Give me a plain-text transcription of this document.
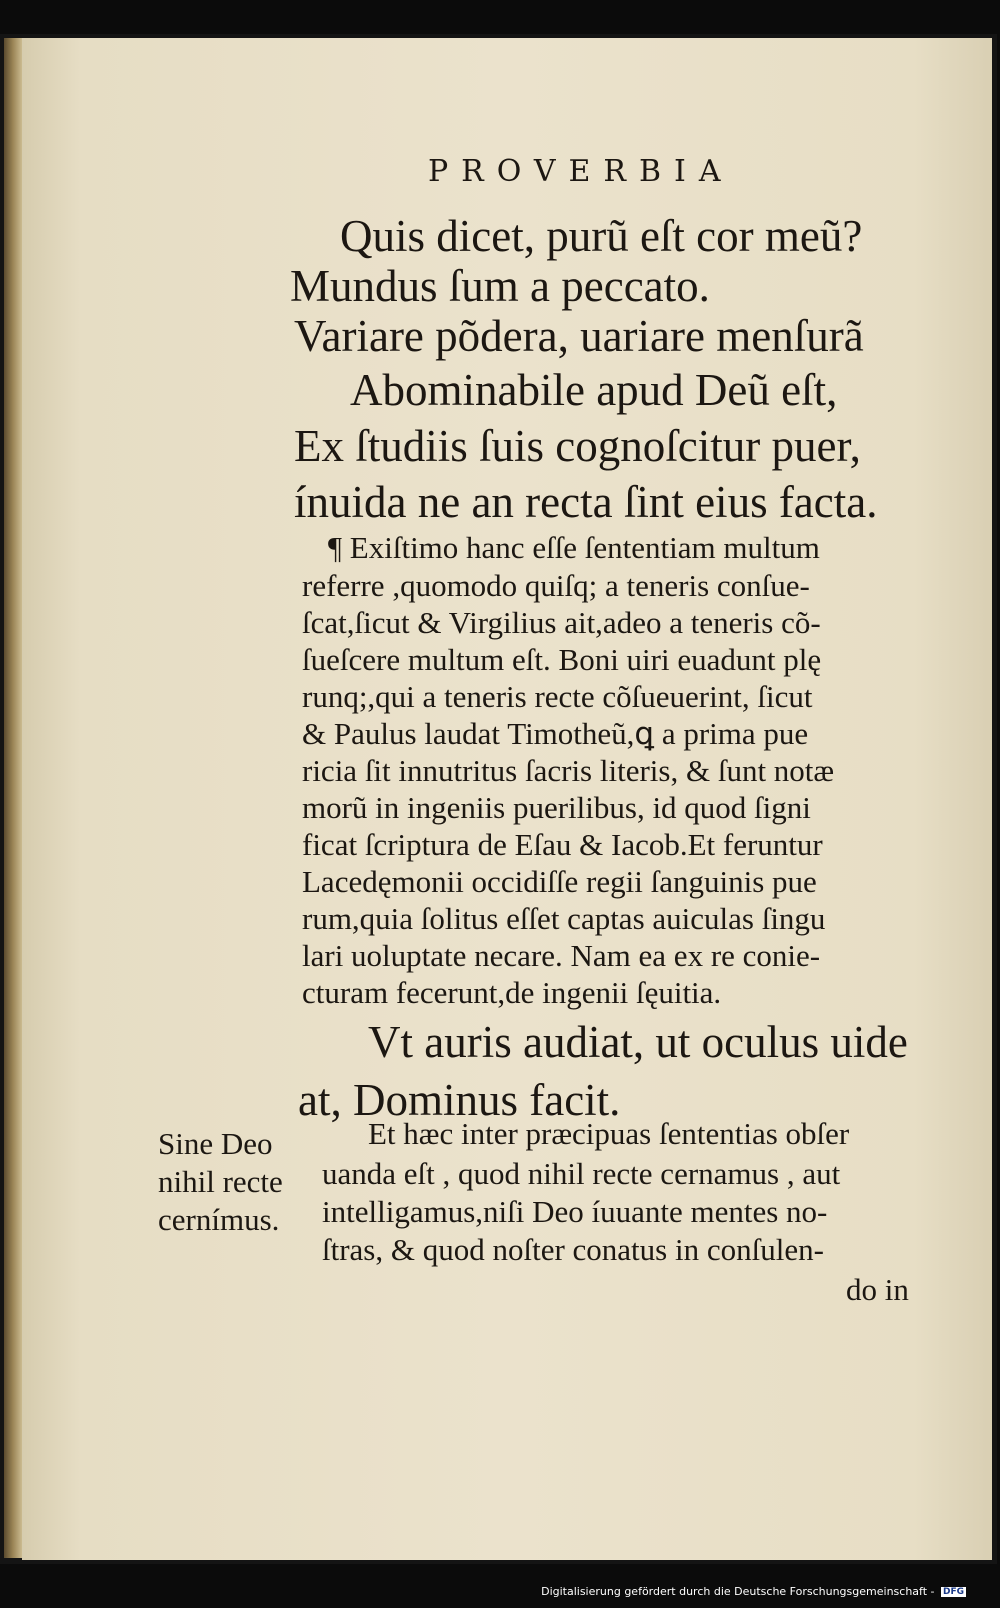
PROVERBIA
Quis dicet, purũ eſt cor meũ?
Mundus ſum a peccato.
Variare põdera, uariare menſurã
Abominabile apud Deũ eſt,
Ex ſtudiis ſuis cognoſcitur puer,
ínuida ne an recta ſint eius facta.
¶ Exiſtimo hanc eſſe ſententiam multum
referre ,quomodo quiſq; a teneris conſue-
ſcat,ſicut & Virgilius ait,adeo a teneris cõ-
ſueſcere multum eſt. Boni uiri euadunt plę
runq;,qui a teneris recte cõſueuerint, ſicut
& Paulus laudat Timotheũ,ꝗ a prima pue
ricia ſit innutritus ſacris literis, & ſunt notæ
morũ in ingeniis puerilibus, id quod ſigni
ficat ſcriptura de Eſau & Iacob.Et feruntur
Lacedęmonii occidiſſe regii ſanguinis pue
rum,quia ſolitus eſſet captas auiculas ſingu
lari uoluptate necare. Nam ea ex re conie-
cturam fecerunt,de ingenii ſęuitia.
Vt auris audiat, ut oculus uide
at, Dominus facit.
Sine Deo
nihil recte
cernímus.
Et hæc inter præcipuas ſententias obſer
uanda eſt , quod nihil recte cernamus , aut
intelligamus,niſi Deo íuuante mentes no-
ſtras, & quod noſter conatus in conſulen-
do in
Digitalisierung gefördert durch die Deutsche Forschungsgemeinschaft - DFG
